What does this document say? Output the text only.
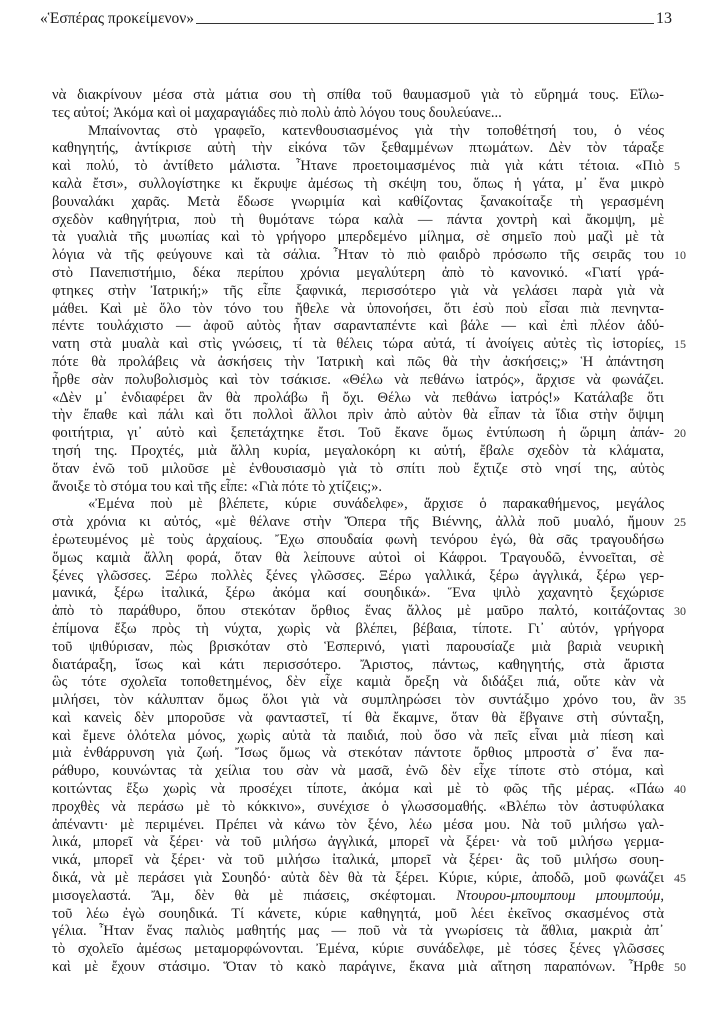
«Ἑσπέρας προκείμενον»	13
νὰ διακρίνουν μέσα στὰ μάτια σου τὴ σπίθα τοῦ θαυμασμοῦ γιὰ τὸ εὕρημά τους. Εἵλω-
τες αὐτοί; Ἀκόμα καὶ οἱ μαχαραγιάδες πιὸ πολὺ ἀπὸ λόγου τους δουλεύανε...
Μπαίνοντας στὸ γραφεῖο, κατενθουσιασμένος γιὰ τὴν τοποθέτησή του, ὁ νέος
καθηγητής, ἀντίκρισε αὐτὴ τὴν εἰκόνα τῶν ξεθαμμένων πτωμάτων. Δὲν τὸν τάραξε
καὶ πολύ, τὸ ἀντίθετο μάλιστα. Ἦτανε προετοιμασμένος πιὰ γιὰ κάτι τέτοια. «Πιὸ 5
καλὰ ἔτσι», συλλογίστηκε κι ἔκρυψε ἀμέσως τὴ σκέψη του, ὅπως ἡ γάτα, μ᾿ ἕνα μικρὸ
βουναλάκι χαρᾶς. Μετὰ ἔδωσε γνωριμία καὶ καθίζοντας ξανακοίταξε τὴ γερασμένη
σχεδὸν καθηγήτρια, ποὺ τὴ θυμότανε τώρα καλὰ — πάντα χοντρὴ καὶ ἄκομψη, μὲ
τὰ γυαλιὰ τῆς μυωπίας καὶ τὸ γρήγορο μπερδεμένο μίλημα, σὲ σημεῖο ποὺ μαζὶ μὲ τὰ
λόγια νὰ τῆς φεύγουνε καὶ τὰ σάλια. Ἦταν τὸ πιὸ φαιδρὸ πρόσωπο τῆς σειρᾶς του 10
στὸ Πανεπιστήμιο, δέκα περίπου χρόνια μεγαλύτερη ἀπὸ τὸ κανονικό. «Γιατί γρά-
φτηκες στὴν Ἰατρική;» τῆς εἶπε ξαφνικά, περισσότερο γιὰ νὰ γελάσει παρὰ γιὰ νὰ
μάθει. Καὶ μὲ ὅλο τὸν τόνο του ἤθελε νὰ ὑπονοήσει, ὅτι ἐσὺ ποὺ εἶσαι πιὰ πενηντα-
πέντε τουλάχιστο — ἀφοῦ αὐτὸς ἦταν σαρανταπέντε καὶ βάλε — καὶ ἐπὶ πλέον ἀδύ-
νατη στὰ μυαλὰ καὶ στὶς γνώσεις, τί τὰ θέλεις τώρα αὐτά, τί ἀνοίγεις αὐτὲς τὶς ἱστορίες, 15
πότε θὰ προλάβεις νὰ ἀσκήσεις τὴν Ἰατρικὴ καὶ πῶς θὰ τὴν ἀσκήσεις;» Ἡ ἀπάντηση
ἦρθε σὰν πολυβολισμὸς καὶ τὸν τσάκισε. «Θέλω νὰ πεθάνω ἰατρός», ἄρχισε νὰ φωνάζει.
«Δὲν μ᾿ ἐνδιαφέρει ἂν θὰ προλάβω ἢ ὄχι. Θέλω νὰ πεθάνω ἰατρός!» Κατάλαβε ὅτι
τὴν ἔπαθε καὶ πάλι καὶ ὅτι πολλοὶ ἄλλοι πρὶν ἀπὸ αὐτὸν θὰ εἶπαν τὰ ἴδια στὴν ὄψιμη
φοιτήτρια, γι᾿ αὐτὸ καὶ ξεπετάχτηκε ἔτσι. Τοῦ ἔκανε ὅμως ἐντύπωση ἡ ὥριμη ἀπάν- 20
τησή της. Προχτές, μιὰ ἄλλη κυρία, μεγαλοκόρη κι αὐτή, ἔβαλε σχεδὸν τὰ κλάματα,
ὅταν ἐνῶ τοῦ μιλοῦσε μὲ ἐνθουσιασμὸ γιὰ τὸ σπίτι ποὺ ἔχτιζε στὸ νησί της, αὐτὸς
ἄνοιξε τὸ στόμα του καὶ τῆς εἶπε: «Γιὰ πότε τὸ χτίζεις;».
«Ἐμένα ποὺ μὲ βλέπετε, κύριε συνάδελφε», ἄρχισε ὁ παρακαθήμενος, μεγάλος
στὰ χρόνια κι αὐτός, «μὲ θέλανε στὴν Ὄπερα τῆς Βιέννης, ἀλλὰ ποῦ μυαλό, ἤμουν 25
ἐρωτευμένος μὲ τοὺς ἀρχαίους. Ἔχω σπουδαία φωνὴ τενόρου ἐγώ, θὰ σᾶς τραγουδήσω
ὅμως καμιὰ ἄλλη φορά, ὅταν θὰ λείπουνε αὐτοὶ οἱ Κάφροι. Τραγουδῶ, ἐννοεῖται, σὲ
ξένες γλῶσσες. Ξέρω πολλὲς ξένες γλῶσσες. Ξέρω γαλλικά, ξέρω ἀγγλικά, ξέρω γερ-
μανικά, ξέρω ἰταλικά, ξέρω ἀκόμα καί σουηδικά». Ἕνα ψιλὸ χαχανητὸ ξεχώρισε
ἀπὸ τὸ παράθυρο, ὅπου στεκόταν ὄρθιος ἕνας ἄλλος μὲ μαῦρο παλτό, κοιτάζοντας 30
ἐπίμονα ἔξω πρὸς τὴ νύχτα, χωρὶς νὰ βλέπει, βέβαια, τίποτε. Γι᾿ αὐτόν, γρήγορα
τοῦ ψιθύρισαν, πὼς βρισκόταν στὸ Ἑσπερινό, γιατὶ παρουσίαζε μιὰ βαριὰ νευρικὴ
διατάραξη, ἴσως καὶ κάτι περισσότερο. Ἄριστος, πάντως, καθηγητής, στὰ ἄριστα
ὣς τότε σχολεῖα τοποθετημένος, δὲν εἶχε καμιὰ ὄρεξη νὰ διδάξει πιά, οὔτε κὰν νὰ
μιλήσει, τὸν κάλυπταν ὅμως ὅλοι γιὰ νὰ συμπληρώσει τὸν συντάξιμο χρόνο του, ἂν 35
καὶ κανεὶς δὲν μποροῦσε νὰ φανταστεῖ, τί θὰ ἔκαμνε, ὅταν θὰ ἔβγαινε στὴ σύνταξη,
καὶ ἔμενε ὁλότελα μόνος, χωρὶς αὐτὰ τὰ παιδιά, ποὺ ὅσο νὰ πεῖς εἶναι μιὰ πίεση καὶ
μιὰ ἐνθάρρυνση γιὰ ζωή. Ἴσως ὅμως νὰ στεκόταν πάντοτε ὄρθιος μπροστὰ σ᾿ ἕνα πα-
ράθυρο, κουνώντας τὰ χείλια του σὰν νὰ μασᾶ, ἐνῶ δὲν εἶχε τίποτε στὸ στόμα, καὶ
κοιτώντας ἔξω χωρὶς νὰ προσέχει τίποτε, ἀκόμα καὶ μὲ τὸ φῶς τῆς μέρας. «Πάω 40
προχθὲς νὰ περάσω μὲ τὸ κόκκινο», συνέχισε ὁ γλωσσομαθής. «Βλέπω τὸν ἀστυφύλακα
ἀπέναντι· μὲ περιμένει. Πρέπει νὰ κάνω τὸν ξένο, λέω μέσα μου. Νὰ τοῦ μιλήσω γαλ-
λικά, μπορεῖ νὰ ξέρει· νὰ τοῦ μιλήσω ἀγγλικά, μπορεῖ νὰ ξέρει· νὰ τοῦ μιλήσω γερμα-
νικά, μπορεῖ νὰ ξέρει· νὰ τοῦ μιλήσω ἰταλικά, μπορεῖ νὰ ξέρει· ἂς τοῦ μιλήσω σουη-
δικά, νὰ μὲ περάσει γιὰ Σουηδό· αὐτὰ δὲν θὰ τὰ ξέρει. Κύριε, κύριε, ἀποδῶ, μοῦ φωνάζει 45
μισογελαστά. Ἄμ, δὲν θὰ μὲ πιάσεις, σκέφτομαι. Ντουρου-μπουμπουμ μπουμπούμ,
τοῦ λέω ἐγὼ σουηδικά. Τί κάνετε, κύριε καθηγητά, μοῦ λέει ἐκεῖνος σκασμένος στὰ
γέλια. Ἦταν ἕνας παλιὸς μαθητής μας — ποῦ νὰ τὰ γνωρίσεις τὰ ἄθλια, μακριὰ ἀπ᾿
τὸ σχολεῖο ἀμέσως μεταμορφώνονται. Ἐμένα, κύριε συνάδελφε, μὲ τόσες ξένες γλῶσσες
καὶ μὲ ἔχουν στάσιμο. Ὅταν τὸ κακὸ παράγινε, ἔκανα μιὰ αἴτηση παραπόνων. Ἦρθε 50
